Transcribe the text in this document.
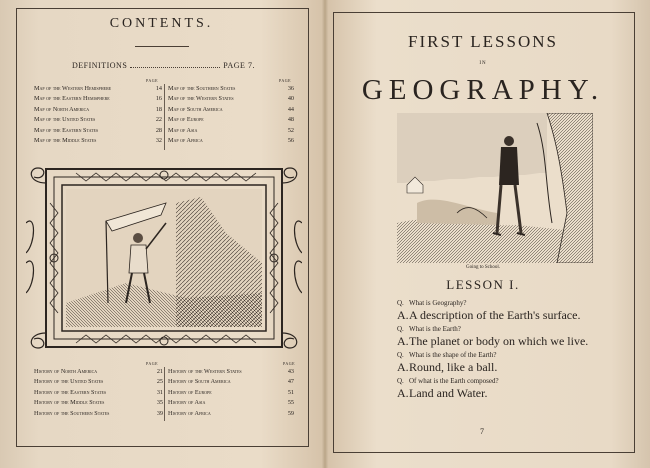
CONTENTS.
DEFINITIONS	PAGE 7.
PAGE	PAGE
Map of the Western Hemisphere	14
Map of the Eastern Hemisphere	16
Map of North America	18
Map of the United States	22
Map of the Eastern States	28
Map of the Middle States	32
Map of the Southern States	36
Map of the Western States	40
Map of South America	44
Map of Europe	48
Map of Asia	52
Map of Africa	56
PAGE	PAGE
History of North America	21
History of the United States	25
History of the Eastern States	31
History of the Middle States	35
History of the Southern States	39
History of the Western States	43
History of South America	47
History of Europe	51
History of Asia	55
History of Africa	59
FIRST LESSONS
IN
GEOGRAPHY.
Going to School.
LESSON I.
Q. What is Geography?
A.A description of the Earth's surface.
Q. What is the Earth?
A.The planet or body on which we live.
Q. What is the shape of the Earth?
A.Round, like a ball.
Q. Of what is the Earth composed?
A.Land and Water.
7
